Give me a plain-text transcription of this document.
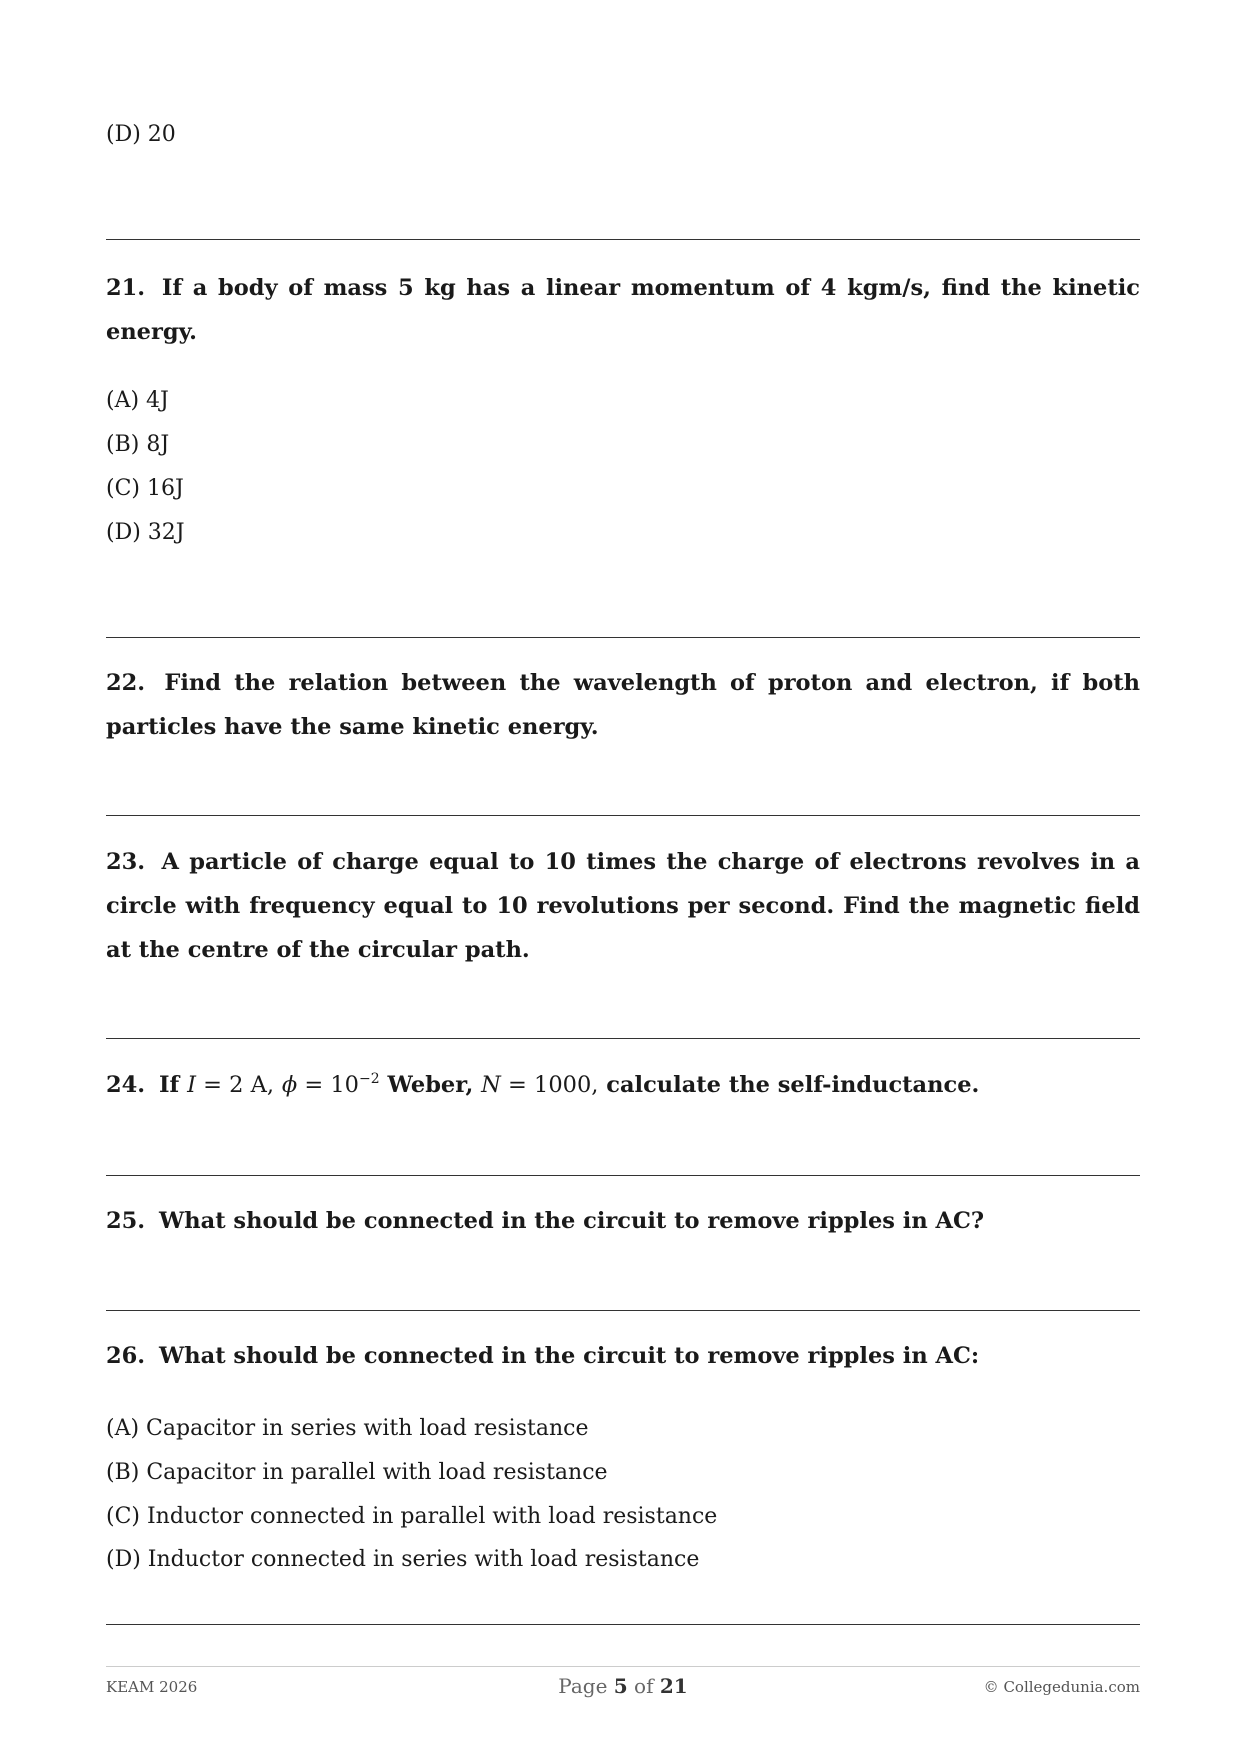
(D) 20
21. If a body of mass 5 kg has a linear momentum of 4 kgm/s, find the kinetic energy.
(A) 4J
(B) 8J
(C) 16J
(D) 32J
22. Find the relation between the wavelength of proton and electron, if both particles have the same kinetic energy.
23. A particle of charge equal to 10 times the charge of electrons revolves in a circle with frequency equal to 10 revolutions per second. Find the magnetic field at the centre of the circular path.
24. If I = 2 A, $\phi = 10^{-2}$ Weber, N = 1000, calculate the self-inductance.
25. What should be connected in the circuit to remove ripples in AC?
26. What should be connected in the circuit to remove ripples in AC:
(A) Capacitor in series with load resistance
(B) Capacitor in parallel with load resistance
(C) Inductor connected in parallel with load resistance
(D) Inductor connected in series with load resistance
KEAM 2026	Page 5 of 21	© Collegedunia.com
